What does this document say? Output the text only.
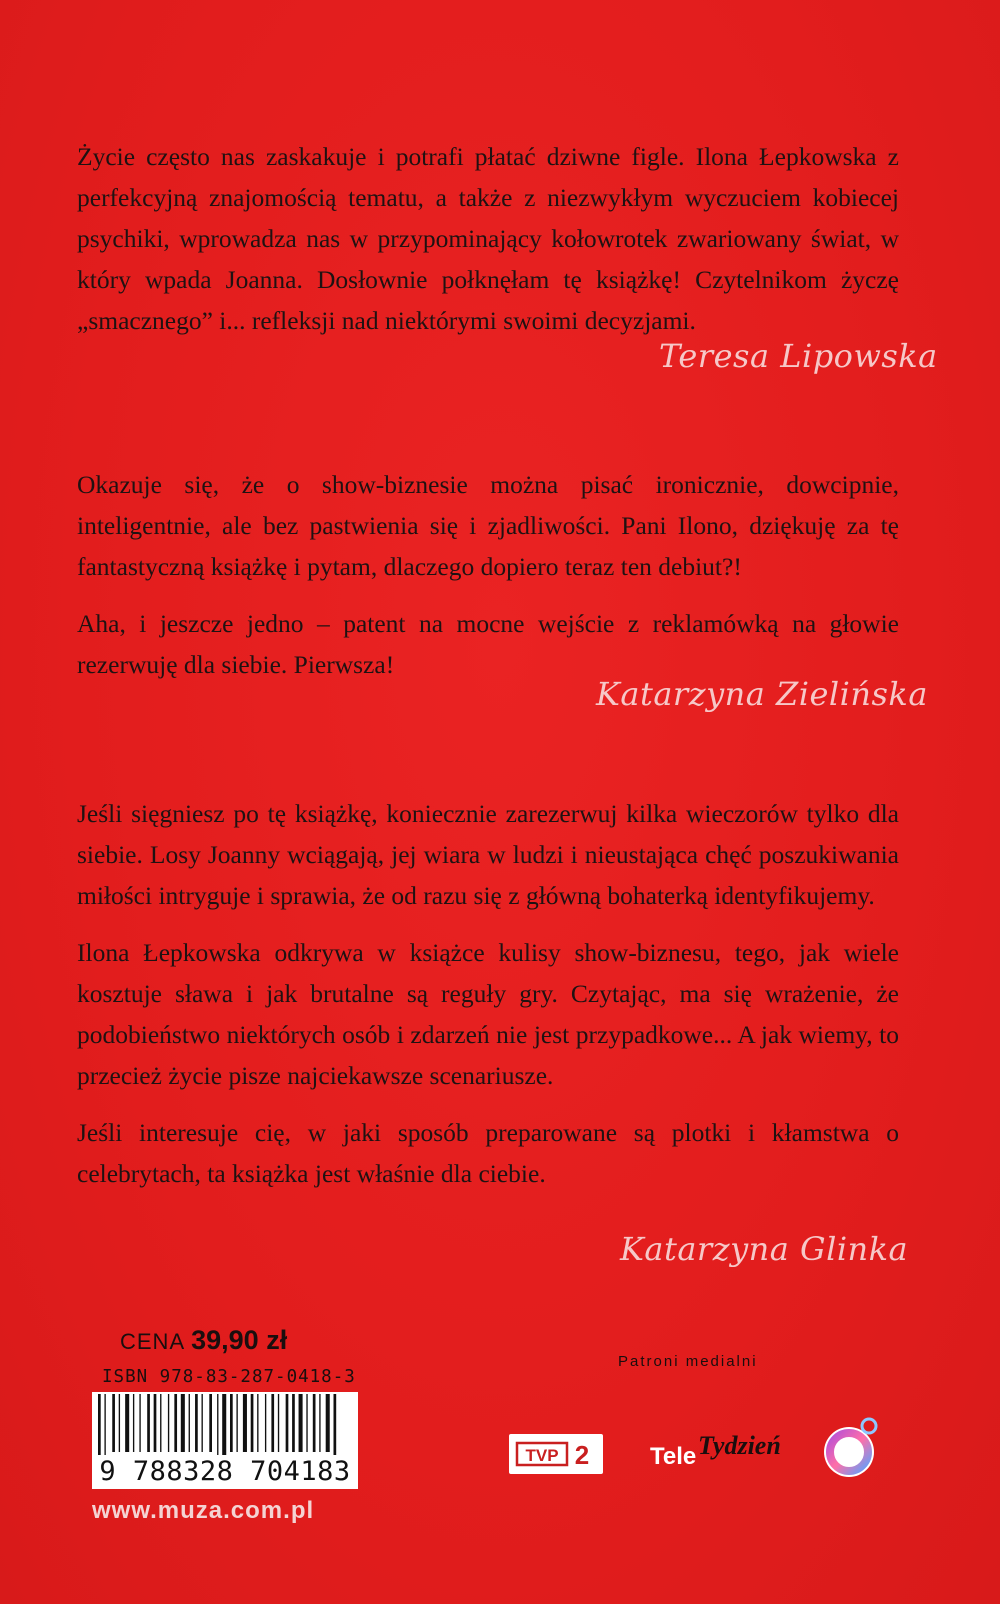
Życie często nas zaskakuje i potrafi płatać dziwne figle. Ilona Łepkowska z perfekcyjną znajomością tematu, a także z niezwykłym wyczuciem kobiecej psychiki, wprowadza nas w przypominający kołowrotek zwariowany świat, w który wpada Joanna. Dosłownie połknęłam tę książkę! Czytelnikom życzę „smacznego” i... refleksji nad niektórymi swoimi decyzjami.

Teresa Lipowska

Okazuje się, że o show-biznesie można pisać ironicznie, dowcipnie, inteligentnie, ale bez pastwienia się i zjadliwości. Pani Ilono, dziękuję za tę fantastyczną książkę i pytam, dlaczego dopiero teraz ten debiut?!

Aha, i jeszcze jedno – patent na mocne wejście z reklamówką na głowie rezerwuję dla siebie. Pierwsza!

Katarzyna Zielińska

Jeśli sięgniesz po tę książkę, koniecznie zarezerwuj kilka wieczorów tylko dla siebie. Losy Joanny wciągają, jej wiara w ludzi i nieustająca chęć poszukiwania miłości intryguje i sprawia, że od razu się z główną bohaterką identyfikujemy.

Ilona Łepkowska odkrywa w książce kulisy show-biznesu, tego, jak wiele kosztuje sława i jak brutalne są reguły gry. Czytając, ma się wrażenie, że podobieństwo niektórych osób i zdarzeń nie jest przypadkowe... A jak wiemy, to przecież życie pisze najciekawsze scenariusze.

Jeśli interesuje cię, w jaki sposób preparowane są plotki i kłamstwa o celebrytach, ta książka jest właśnie dla ciebie.

Katarzyna Glinka
CENA 39,90 zł
ISBN 978-83-287-0418-3
9 788328 704183
www.muza.com.pl
Patroni medialni
TVP 2	Tele Tydzień
